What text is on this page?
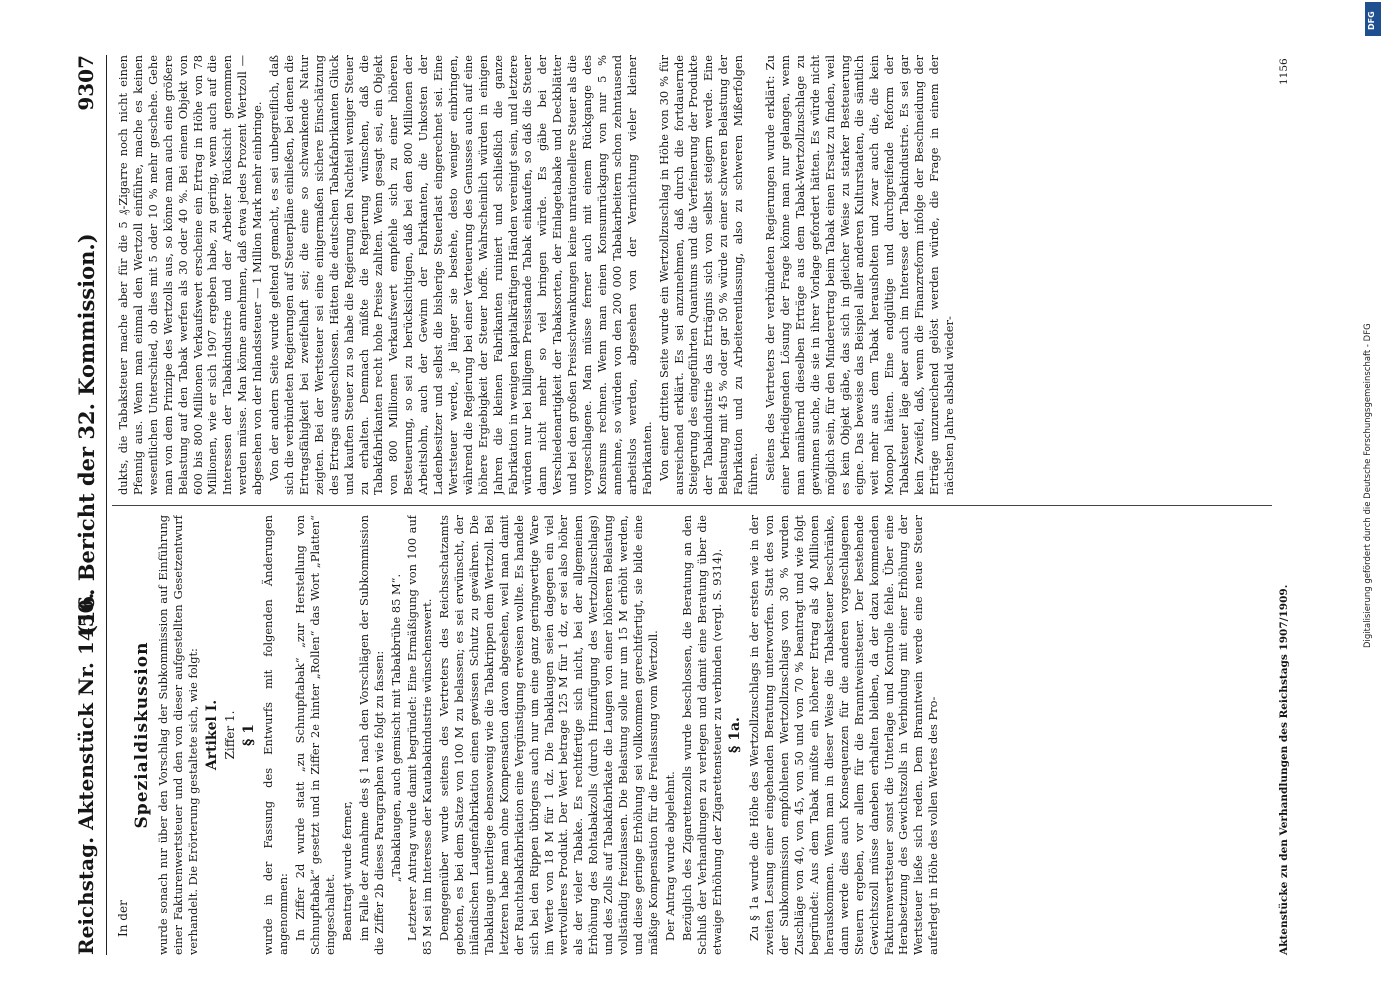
Reichstag. Aktenstück Nr. 1450.
(16. Bericht der 32. Kommission.)
9307
In der
Spezialdiskussion wurde sonach nur über den Vorschlag der Subkommission auf Einführung einer Fakturenwertsteuer und den von dieser aufgestellten Gesetzentwurf verhandelt. Die Erörterung gestaltete sich, wie folgt: Artikel I. Ziffer 1. § 1 wurde in der Fassung des Entwurfs mit folgenden Änderungen angenommen: In Ziffer 2d wurde statt „zu Schnupftabak“ „zur Herstellung von Schnupftabak“ gesetzt und in Ziffer 2e hinter „Rollen“ das Wort „Platten“ eingeschaltet. Beantragt wurde ferner, im Falle der Annahme des § 1 nach den Vorschlägen der Subkommission die Ziffer 2b dieses Paragraphen wie folgt zu fassen: „Tabaklaugen, auch gemischt mit Tabakbrühe 85 M“. Letzterer Antrag wurde damit begründet: Eine Ermäßigung von 100 auf 85 M sei im Interesse der Kautabakindustrie wünschenswert. Demgegenüber wurde seitens des Vertreters des Reichsschatzamts geboten, es bei dem Satze von 100 M zu belassen; es sei erwünscht, der inländischen Laugenfabrikation einen gewissen Schutz zu gewähren. Die Tabaklauge unterliege ebensowenig wie die Tabakrippen dem Wertzoll. Bei letzteren habe man ohne Kompensation davon abgesehen, weil man damit der Rauchtabakfabrikation eine Vergünstigung erweisen wollte. Es handele sich bei den Rippen übrigens auch nur um eine ganz geringwertige Ware im Werte von 18 M für 1 dz. Die Tabaklaugen seien dagegen ein viel wertvolleres Produkt. Der Wert betrage 125 M für 1 dz, er sei also höher als der vieler Tabake. Es rechtfertige sich nicht, bei der allgemeinen Erhöhung des Rohtabakzolls (durch Hinzufügung des Wertzollzuschlags) und des Zolls auf Tabakfabrikate die Laugen von einer höheren Belastung vollständig freizulassen. Die Belastung solle nur um 15 M erhöht werden, und diese geringe Erhöhung sei vollkommen gerechtfertigt, sie bilde eine mäßige Kompensation für die Freilassung vom Wertzoll. Der Antrag wurde abgelehnt. Bezüglich des Zigarettenzolls wurde beschlossen, die Beratung an den Schluß der Verhandlungen zu verlegen und damit eine Beratung über die etwaige Erhöhung der Zigarettensteuer zu verbinden (vergl. S. 9314). § 1a. Zu § 1a wurde die Höhe des Wertzollzuschlags in der ersten wie in der zweiten Lesung einer eingehenden Beratung unterworfen. Statt des von der Subkommission empfohlenen Wertzollzuschlags von 30 % wurden Zuschläge von 40, von 45, von 50 und von 70 % beantragt und wie folgt begründet: Aus dem Tabak müßte ein höherer Ertrag als 40 Millionen herauskommen. Wenn man in dieser Weise die Tabaksteuer beschränke, dann werde dies auch Konsequenzen für die anderen vorgeschlagenen Steuern ergeben, vor allem für die Branntweinsteuer. Der bestehende Gewichtszoll müsse daneben erhalten bleiben, da der dazu kommenden Fakturenwertsteuer sonst die Unterlage und Kontrolle fehle. Über eine Herabsetzung des Gewichtszolls in Verbindung mit einer Erhöhung der Wertsteuer ließe sich reden. Dem Branntwein werde eine neue Steuer auferlegt in Höhe des vollen Wertes des Pro-

dukts, die Tabaksteuer mache aber für die 5 ₰-Zigarre noch nicht einen Pfennig aus. Wenn man einmal den Wertzoll einführe, mache es keinen wesentlichen Unterschied, ob dies mit 5 oder 10 % mehr geschehe. Gehe man von dem Prinzipe des Wertzolls aus, so könne man auch eine größere Belastung auf den Tabak werfen als 30 oder 40 %. Bei einem Objekt von 600 bis 800 Millionen Verkaufswert erscheine ein Ertrag in Höhe von 78 Millionen, wie er sich 1907 ergeben habe, zu gering, wenn auch auf die Interessen der Tabakindustrie und der Arbeiter Rücksicht genommen werden müsse. Man könne annehmen, daß etwa jedes Prozent Wertzoll — abgesehen von der Inlandssteuer — 1 Million Mark mehr einbringe. Von der andern Seite wurde geltend gemacht, es sei unbegreiflich, daß sich die verbündeten Regierungen auf Steuerpläne einließen, bei denen die Ertragsfähigkeit bei zweifelhaft sei; die eine so schwankende Natur zeigten. Bei der Wertsteuer sei eine einigermaßen sichere Einschätzung des Ertrags ausgeschlossen. Hätten die deutschen Tabakfabrikanten Glück und kauften Steuer zu so habe die Regierung den Nachteil weniger Steuer zu erhalten. Demnach müßte die Regierung wünschen, daß die Tabakfabrikanten recht hohe Preise zahlten. Wenn gesagt sei, ein Objekt von 800 Millionen Verkaufswert empfehle sich zu einer höheren Besteuerung, so sei zu berücksichtigen, daß bei den 800 Millionen der Arbeitslohn, auch der Gewinn der Fabrikanten, die Unkosten der Ladenbesitzer und selbst die bisherige Steuerlast eingerechnet sei. Eine Wertsteuer werde, je länger sie bestehe, desto weniger einbringen, während die Regierung bei einer Verteuerung des Genusses auch auf eine höhere Ergiebigkeit der Steuer hoffe. Wahrscheinlich würden in einigen Jahren die kleinen Fabrikanten ruiniert und schließlich die ganze Fabrikation in wenigen kapitalkräftigen Händen vereinigt sein, und letztere würden nur bei billigem Preisstande Tabak einkaufen, so daß die Steuer dann nicht mehr so viel bringen würde. Es gäbe bei der Verschiedenartigkeit der Tabaksorten, der Einlagetabake und Deckblätter und bei den großen Preisschwankungen keine unrationellere Steuer als die vorgeschlagene. Man müsse ferner auch mit einem Rückgange des Konsums rechnen. Wenn man einen Konsumrückgang von nur 5 % annehme, so würden von den 200 000 Tabakarbeitern schon zehntausend arbeitslos werden, abgesehen von der Vernichtung vieler kleiner Fabrikanten. Von einer dritten Seite wurde ein Wertzollzuschlag in Höhe von 30 % für ausreichend erklärt. Es sei anzunehmen, daß durch die fortdauernde Steigerung des eingeführten Quantums und die Verfeinerung der Produkte der Tabakindustrie das Erträgnis sich von selbst steigern werde. Eine Belastung mit 45 % oder gar 50 % würde zu einer schweren Belastung der Fabrikation und zu Arbeiterentlassung, also zu schweren Mißerfolgen führen. Seitens des Vertreters der verbündeten Regierungen wurde erklärt: Zu einer befriedigenden Lösung der Frage könne man nur gelangen, wenn man annähernd dieselben Erträge aus dem Tabak-Wertzollzuschlage zu gewinnen suche, die sie in ihrer Vorlage gefordert hätten. Es würde nicht möglich sein, für den Minderertrag beim Tabak einen Ersatz zu finden, weil es kein Objekt gäbe, das sich in gleicher Weise zu starker Besteuerung eigne. Das beweise das Beispiel aller anderen Kulturstaaten, die sämtlich weit mehr aus dem Tabak herausholten und zwar auch die, die kein Monopol hätten. Eine endgültige und durchgreifende Reform der Tabaksteuer läge aber auch im Interesse der Tabakindustrie. Es sei gar kein Zweifel, daß, wenn die Finanzreform infolge der Beschneidung der Erträge unzureichend gelöst werden würde, die Frage in einem der nächsten Jahre alsbald wieder-

Aktenstücke zu den Verhandlungen des Reichstags 1907/1909.
1156
DFG
Digitalisierung gefördert durch die Deutsche Forschungsgemeinschaft - DFG
